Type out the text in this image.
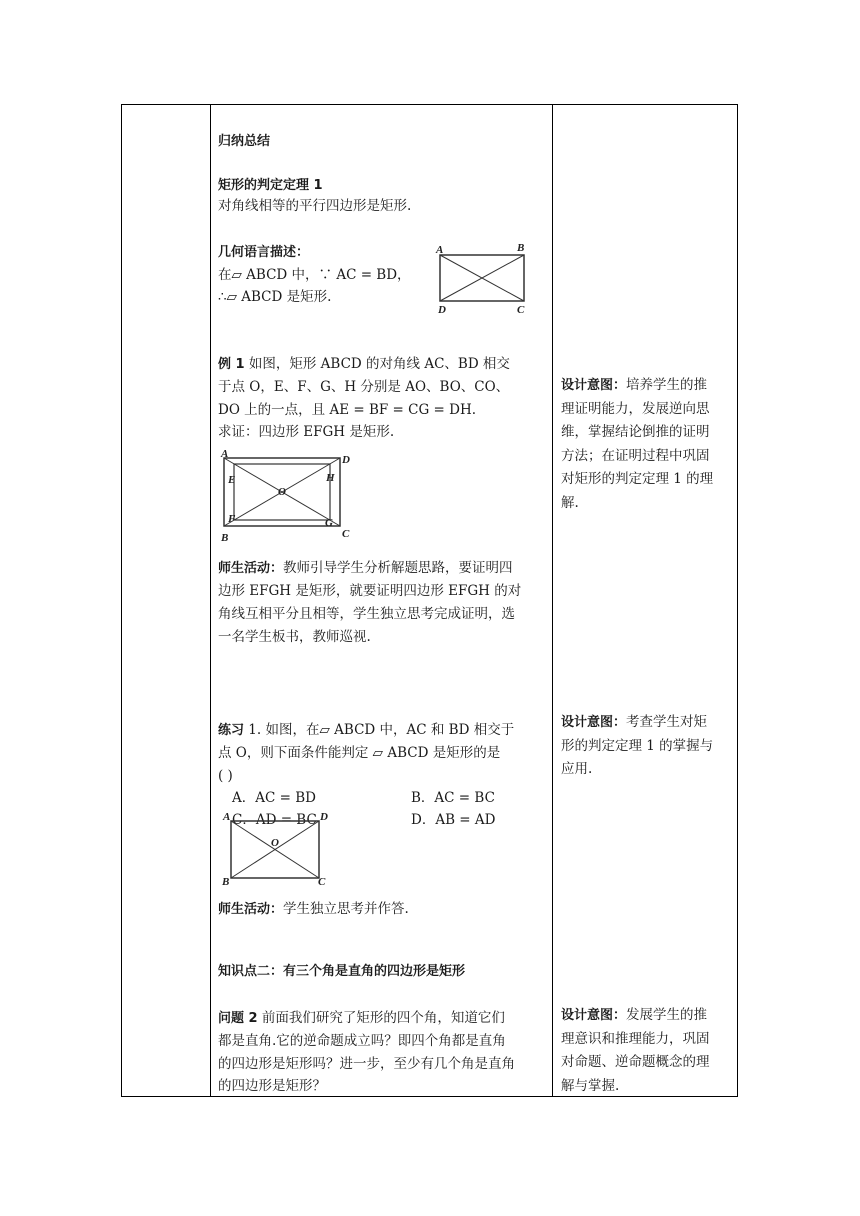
归纳总结
矩形的判定定理 1
对角线相等的平行四边形是矩形.
几何语言描述：
在▱ ABCD 中，∵ AC = BD，
∴▱ ABCD 是矩形.
A	B
D	C
例 1 如图，矩形 ABCD 的对角线 AC、BD 相交
于点 O，E、F、G、H 分别是 AO、BO、CO、
DO 上的一点，且 AE = BF = CG = DH.
求证：四边形 EFGH 是矩形.
A	D
E	H
O
F	G
B	C
师生活动：教师引导学生分析解题思路，要证明四
边形 EFGH 是矩形，就要证明四边形 EFGH 的对
角线互相平分且相等，学生独立思考完成证明，选
一名学生板书，教师巡视.
练习 1. 如图，在▱ ABCD 中，AC 和 BD 相交于
点 O，则下面条件能判定 ▱ ABCD 是矩形的是
( )
A．AC = BD	B．AC = BC
C．AD = BC	D．AB = AD
A	D
O
B	C
师生活动：学生独立思考并作答.
知识点二：有三个角是直角的四边形是矩形
问题 2 前面我们研究了矩形的四个角，知道它们
都是直角.它的逆命题成立吗？即四个角都是直角
的四边形是矩形吗？进一步，至少有几个角是直角
的四边形是矩形？
设计意图：培养学生的推
理证明能力，发展逆向思
维，掌握结论倒推的证明
方法；在证明过程中巩固
对矩形的判定定理 1 的理
解.
设计意图：考查学生对矩
形的判定定理 1 的掌握与
应用.
设计意图：发展学生的推
理意识和推理能力，巩固
对命题、逆命题概念的理
解与掌握.
